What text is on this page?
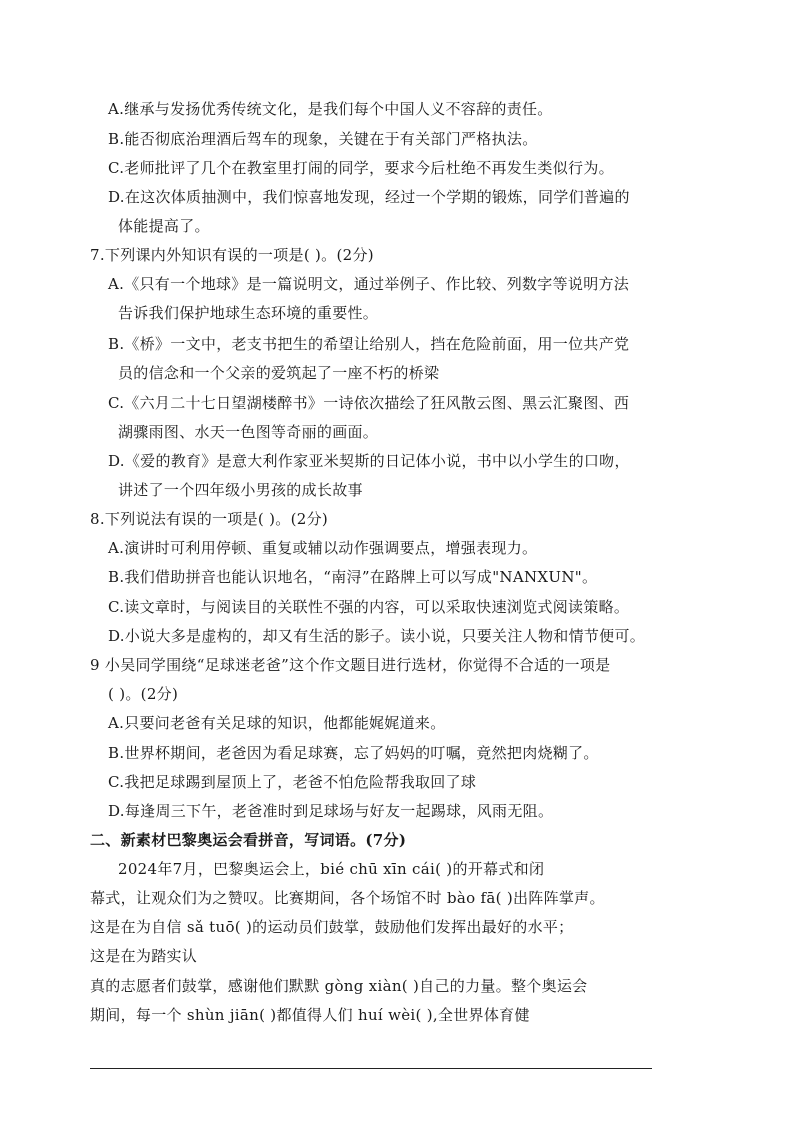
A.继承与发扬优秀传统文化，是我们每个中国人义不容辞的责任。
B.能否彻底治理酒后驾车的现象，关键在于有关部门严格执法。
C.老师批评了几个在教室里打闹的同学，要求今后杜绝不再发生类似行为。
D.在这次体质抽测中，我们惊喜地发现，经过一个学期的锻炼，同学们普遍的
体能提高了。
7.下列课内外知识有误的一项是( )。(2分)
A.《只有一个地球》是一篇说明文，通过举例子、作比较、列数字等说明方法
告诉我们保护地球生态环境的重要性。
B.《桥》一文中，老支书把生的希望让给别人，挡在危险前面，用一位共产党
员的信念和一个父亲的爱筑起了一座不朽的桥梁
C.《六月二十七日望湖楼醉书》一诗依次描绘了狂风散云图、黑云汇聚图、西
湖骤雨图、水天一色图等奇丽的画面。
D.《爱的教育》是意大利作家亚米契斯的日记体小说，书中以小学生的口吻，
讲述了一个四年级小男孩的成长故事
8.下列说法有误的一项是( )。(2分)
A.演讲时可利用停顿、重复或辅以动作强调要点，增强表现力。
B.我们借助拼音也能认识地名，“南浔”在路牌上可以写成"NANXUN"。
C.读文章时，与阅读目的关联性不强的内容，可以采取快速浏览式阅读策略。
D.小说大多是虚构的，却又有生活的影子。读小说，只要关注人物和情节便可。
9 小吴同学围绕“足球迷老爸”这个作文题目进行选材，你觉得不合适的一项是
( )。(2分)
A.只要问老爸有关足球的知识，他都能娓娓道来。
B.世界杯期间，老爸因为看足球赛，忘了妈妈的叮嘱，竟然把肉烧糊了。
C.我把足球踢到屋顶上了，老爸不怕危险帮我取回了球
D.每逢周三下午，老爸准时到足球场与好友一起踢球，风雨无阻。
二、新素材巴黎奥运会看拼音，写词语。(7分)
2024年7月，巴黎奥运会上，bié chū xīn cái( )的开幕式和闭
幕式，让观众们为之赞叹。比赛期间，各个场馆不时 bào fā( )出阵阵掌声。
这是在为自信 sǎ tuō( )的运动员们鼓掌，鼓励他们发挥出最好的水平；
这是在为踏实认
真的志愿者们鼓掌，感谢他们默默 gòng xiàn( )自己的力量。整个奥运会
期间，每一个 shùn jiān( )都值得人们 huí wèi( ),全世界体育健
